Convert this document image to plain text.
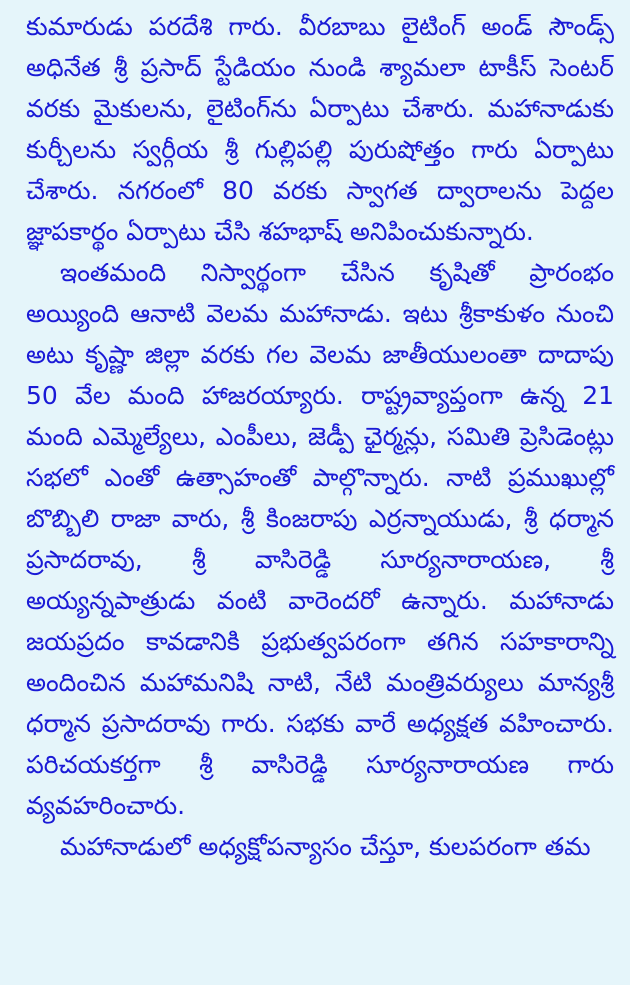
కుమారుడు పరదేశి గారు. వీరబాబు లైటింగ్ అండ్ సౌండ్స్
అధినేత శ్రీ ప్రసాద్ స్టేడియం నుండి శ్యామలా టాకీస్ సెంటర్
వరకు మైకులను, లైటింగ్‌ను ఏర్పాటు చేశారు. మహానాడుకు
కుర్చీలను స్వర్గీయ శ్రీ గుల్లిపల్లి పురుషోత్తం గారు ఏర్పాటు
చేశారు. నగరంలో 80 వరకు స్వాగత ద్వారాలను పెద్దల
జ్ఞాపకార్థం ఏర్పాటు చేసి శహభాష్ అనిపించుకున్నారు.
ఇంతమంది నిస్వార్థంగా చేసిన కృషితో ప్రారంభం
అయ్యింది ఆనాటి వెలమ మహానాడు. ఇటు శ్రీకాకుళం నుంచి
అటు కృష్ణా జిల్లా వరకు గల వెలమ జాతీయులంతా దాదాపు
50 వేల మంది హాజరయ్యారు. రాష్ట్రవ్యాప్తంగా ఉన్న 21
మంది ఎమ్మెల్యేలు, ఎంపీలు, జెడ్పీ ఛైర్మన్లు, సమితి ప్రెసిడెంట్లు
సభలో ఎంతో ఉత్సాహంతో పాల్గొన్నారు. నాటి ప్రముఖుల్లో
బొబ్బిలి రాజా వారు, శ్రీ కింజరాపు ఎర్రన్నాయుడు, శ్రీ ధర్మాన
ప్రసాదరావు, శ్రీ వాసిరెడ్డి సూర్యనారాయణ, శ్రీ
అయ్యన్నపాత్రుడు వంటి వారెందరో ఉన్నారు. మహానాడు
జయప్రదం కావడానికి ప్రభుత్వపరంగా తగిన సహకారాన్ని
అందించిన మహామనిషి నాటి, నేటి మంత్రివర్యులు మాన్యశ్రీ
ధర్మాన ప్రసాదరావు గారు. సభకు వారే అధ్యక్షత వహించారు.
పరిచయకర్తగా శ్రీ వాసిరెడ్డి సూర్యనారాయణ గారు
వ్యవహరించారు.
మహానాడులో అధ్యక్షోపన్యాసం చేస్తూ, కులపరంగా తమ
